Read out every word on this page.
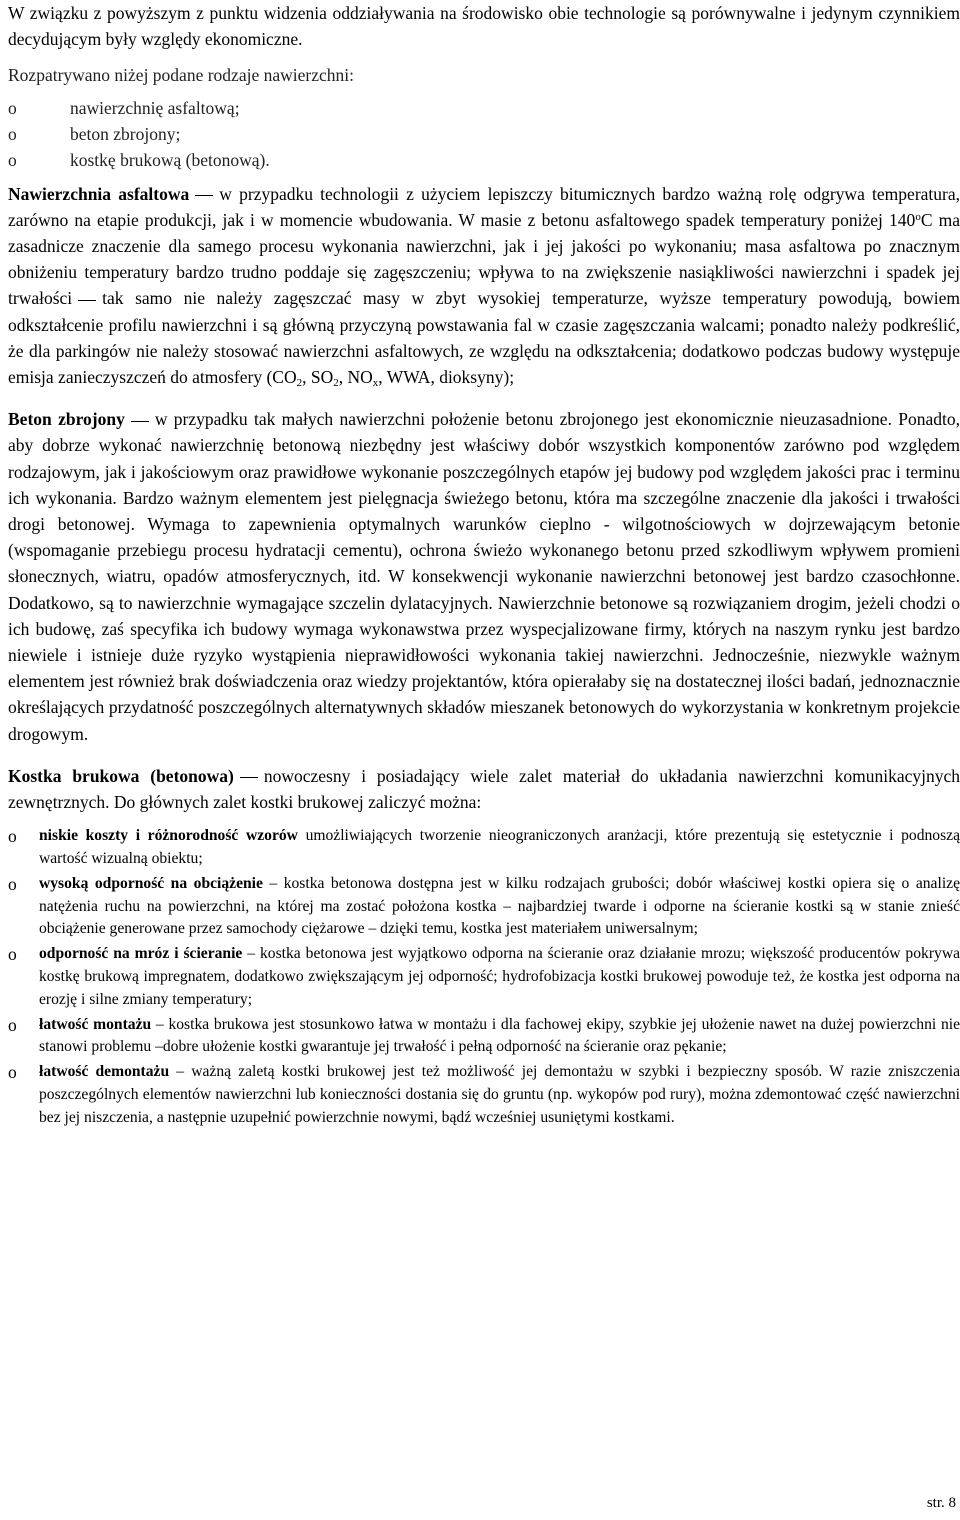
W związku z powyższym z punktu widzenia oddziaływania na środowisko obie technologie są porównywalne i jedynym czynnikiem decydującym były względy ekonomiczne.

Rozpatrywano niżej podane rodzaje nawierzchni:

o	nawierzchnię asfaltową;
o	beton zbrojony;
o	kostkę brukową (betonową).

Nawierzchnia asfaltowa w przypadku technologii z użyciem lepiszczy bitumicznych bardzo ważną rolę odgrywa temperatura, zarówno na etapie produkcji, jak i w momencie wbudowania. W masie z betonu asfaltowego spadek temperatury poniżej 140$^o$C ma zasadnicze znaczenie dla samego procesu wykonania nawierzchni, jak i jej jakości po wykonaniu; masa asfaltowa po znacznym obniżeniu temperatury bardzo trudno poddaje się zagęszczeniu; wpływa to na zwiększenie nasiąkliwości nawierzchni i spadek jej trwałości tak samo nie należy zagęszczać masy w zbyt wysokiej temperaturze, wyższe temperatury powodują, bowiem odkształcenie profilu nawierzchni i są główną przyczyną powstawania fal w czasie zagęszczania walcami; ponadto należy podkreślić, że dla parkingów nie należy stosować nawierzchni asfaltowych, ze względu na odkształcenia; dodatkowo podczas budowy występuje emisja zanieczyszczeń do atmosfery ($CO_2$, $SO_2$, $NO_x$, WWA, dioksyny);

Beton zbrojony w przypadku tak małych nawierzchni położenie betonu zbrojonego jest ekonomicznie nieuzasadnione. Ponadto, aby dobrze wykonać nawierzchnię betonową niezbędny jest właściwy dobór wszystkich komponentów zarówno pod względem rodzajowym, jak i jakościowym oraz prawidłowe wykonanie poszczególnych etapów jej budowy pod względem jakości prac i terminu ich wykonania. Bardzo ważnym elementem jest pielęgnacja świeżego betonu, która ma szczególne znaczenie dla jakości i trwałości drogi betonowej. Wymaga to zapewnienia optymalnych warunków cieplno - wilgotnościowych w dojrzewającym betonie (wspomaganie przebiegu procesu hydratacji cementu), ochrona świeżo wykonanego betonu przed szkodliwym wpływem promieni słonecznych, wiatru, opadów atmosferycznych, itd. W konsekwencji wykonanie nawierzchni betonowej jest bardzo czasochłonne. Dodatkowo, są to nawierzchnie wymagające szczelin dylatacyjnych. Nawierzchnie betonowe są rozwiązaniem drogim, jeżeli chodzi o ich budowę, zaś specyfika ich budowy wymaga wykonawstwa przez wyspecjalizowane firmy, których na naszym rynku jest bardzo niewiele i istnieje duże ryzyko wystąpienia nieprawidłowości wykonania takiej nawierzchni. Jednocześnie, niezwykle ważnym elementem jest również brak doświadczenia oraz wiedzy projektantów, która opierałaby się na dostatecznej ilości badań, jednoznacznie określających przydatność poszczególnych alternatywnych składów mieszanek betonowych do wykorzystania w konkretnym projekcie drogowym.

Kostka brukowa (betonowa) nowoczesny i posiadający wiele zalet materiał do układania nawierzchni komunikacyjnych zewnętrznych. Do głównych zalet kostki brukowej zaliczyć można:

o niskie koszty i różnorodność wzorów umożliwiających tworzenie nieograniczonych aranżacji, które prezentują się estetycznie i podnoszą wartość wizualną obiektu;
o wysoką odporność na obciążenie – kostka betonowa dostępna jest w kilku rodzajach grubości; dobór właściwej kostki opiera się o analizę natężenia ruchu na powierzchni, na której ma zostać położona kostka – najbardziej twarde i odporne na ścieranie kostki są w stanie znieść obciążenie generowane przez samochody ciężarowe – dzięki temu, kostka jest materiałem uniwersalnym;
o odporność na mróz i ścieranie – kostka betonowa jest wyjątkowo odporna na ścieranie oraz działanie mrozu; większość producentów pokrywa kostkę brukową impregnatem, dodatkowo zwiększającym jej odporność; hydrofobizacja kostki brukowej powoduje też, że kostka jest odporna na erozję i silne zmiany temperatury;
o łatwość montażu – kostka brukowa jest stosunkowo łatwa w montażu i dla fachowej ekipy, szybkie jej ułożenie nawet na dużej powierzchni nie stanowi problemu –dobre ułożenie kostki gwarantuje jej trwałość i pełną odporność na ścieranie oraz pękanie;
o łatwość demontażu – ważną zaletą kostki brukowej jest też możliwość jej demontażu w szybki i bezpieczny sposób. W razie zniszczenia poszczególnych elementów nawierzchni lub konieczności dostania się do gruntu (np. wykopów pod rury), można zdemontować część nawierzchni bez jej niszczenia, a następnie uzupełnić powierzchnie nowymi, bądź wcześniej usuniętymi kostkami.
str. 8
